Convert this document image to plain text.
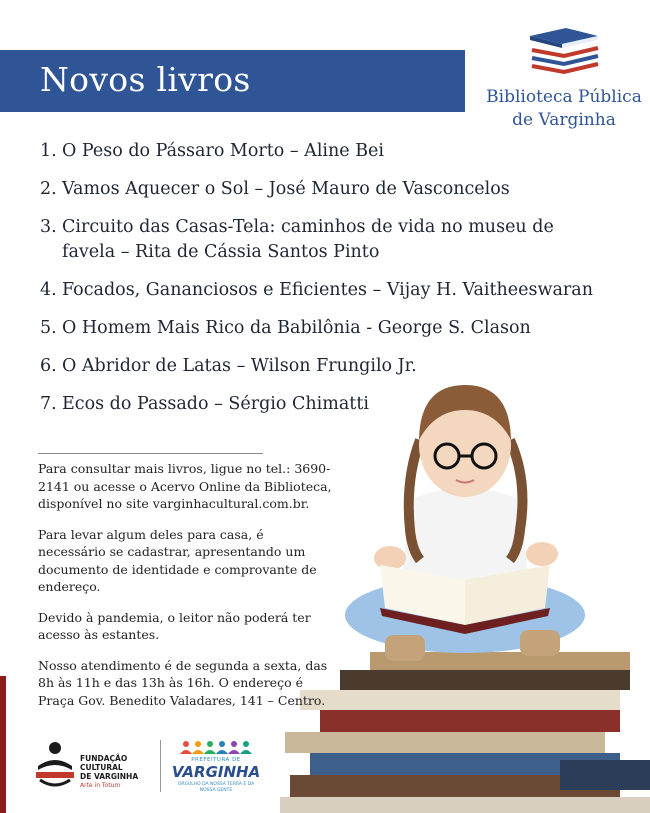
Novos livros	Biblioteca Pública
de Varginha
1. O Peso do Pássaro Morto – Aline Bei
2. Vamos Aquecer o Sol – José Mauro de Vasconcelos
3. Circuito das Casas-Tela: caminhos de vida no museu de favela – Rita de Cássia Santos Pinto
4. Focados, Gananciosos e Eficientes – Vijay H. Vaitheeswaran
5. O Homem Mais Rico da Babilônia - George S. Clason
6. O Abridor de Latas – Wilson Frungilo Jr.
7. Ecos do Passado – Sérgio Chimatti

Para consultar mais livros, ligue no tel.: 3690-2141 ou acesse o Acervo Online da Biblioteca, disponível no site varginhacultural.com.br.

Para levar algum deles para casa, é necessário se cadastrar, apresentando um documento de identidade e comprovante de endereço.

Devido à pandemia, o leitor não poderá ter acesso às estantes.

Nosso atendimento é de segunda a sexta, das 8h às 11h e das 13h às 16h. O endereço é Praça Gov. Benedito Valadares, 141 – Centro.

FUNDAÇÃO CULTURAL
DE VARGINHA
Arte in Totum
PREFEITURA DE
VARGINHA
ORGULHO DA NOSSA TERRA E DA NOSSA GENTE
